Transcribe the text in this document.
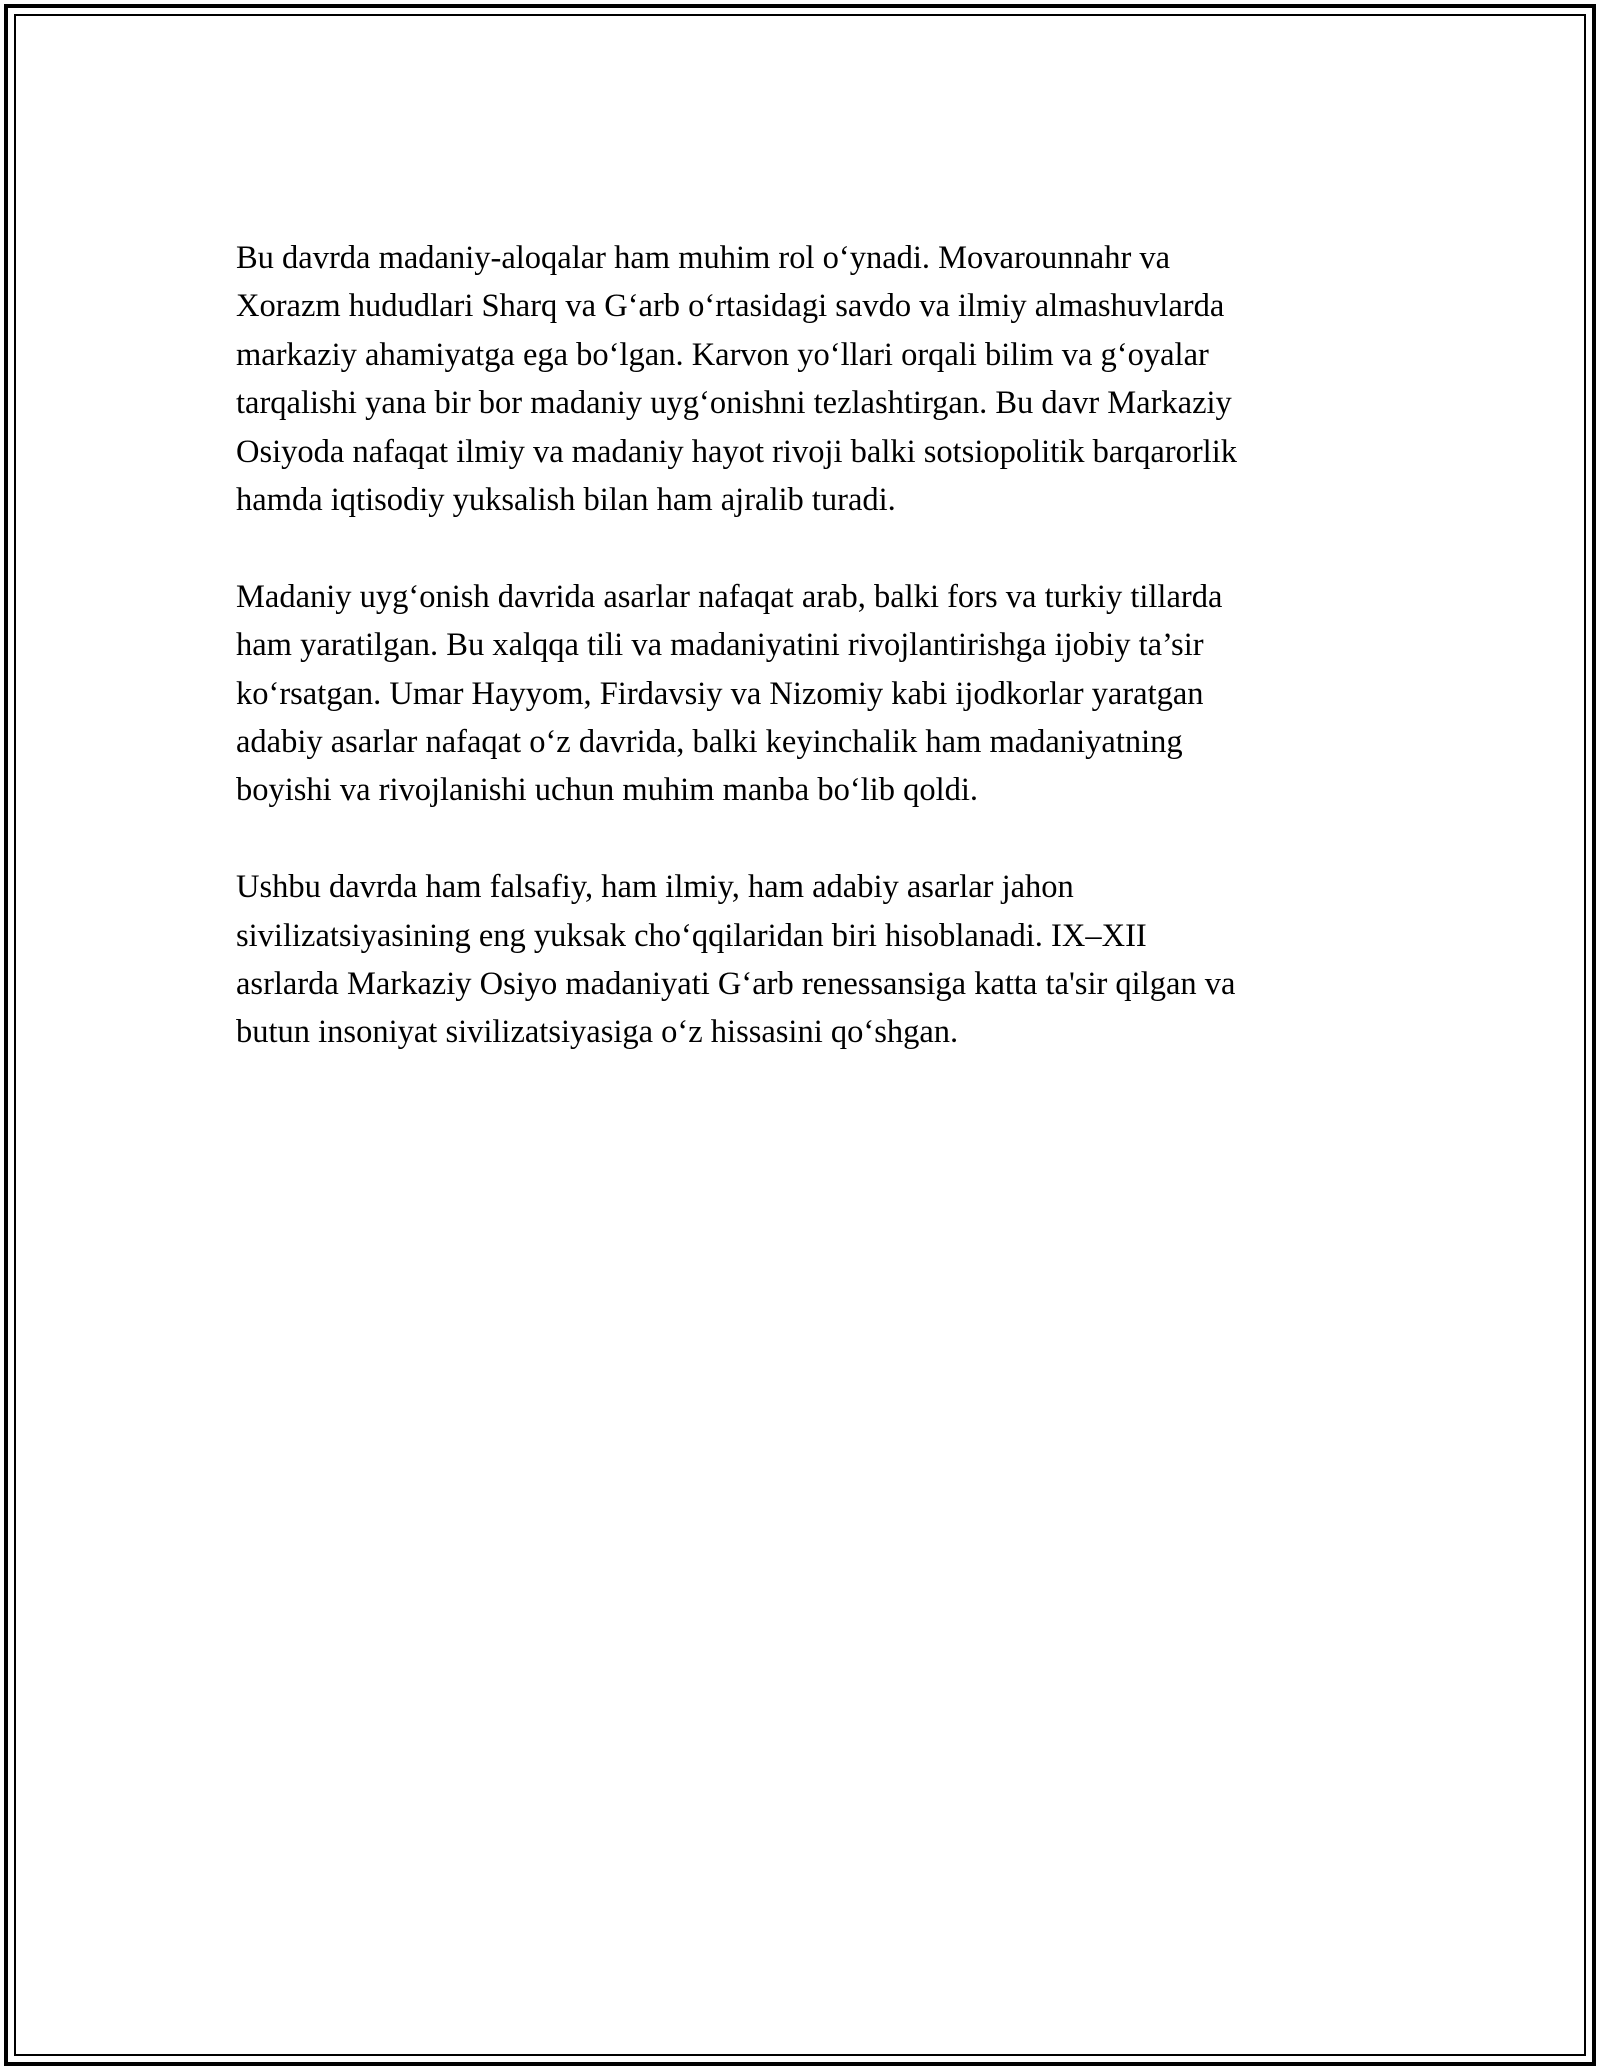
Bu davrda madaniy-aloqalar ham muhim rol o‘ynadi. Movarounnahr va
Xorazm hududlari Sharq va G‘arb o‘rtasidagi savdo va ilmiy almashuvlarda
markaziy ahamiyatga ega bo‘lgan. Karvon yo‘llari orqali bilim va g‘oyalar
tarqalishi yana bir bor madaniy uyg‘onishni tezlashtirgan. Bu davr Markaziy
Osiyoda nafaqat ilmiy va madaniy hayot rivoji balki sotsiopolitik barqarorlik
hamda iqtisodiy yuksalish bilan ham ajralib turadi.

Madaniy uyg‘onish davrida asarlar nafaqat arab, balki fors va turkiy tillarda
ham yaratilgan. Bu xalqqa tili va madaniyatini rivojlantirishga ijobiy ta’sir
ko‘rsatgan. Umar Hayyom, Firdavsiy va Nizomiy kabi ijodkorlar yaratgan
adabiy asarlar nafaqat o‘z davrida, balki keyinchalik ham madaniyatning
boyishi va rivojlanishi uchun muhim manba bo‘lib qoldi.

Ushbu davrda ham falsafiy, ham ilmiy, ham adabiy asarlar jahon
sivilizatsiyasining eng yuksak cho‘qqilaridan biri hisoblanadi. IX–XII
asrlarda Markaziy Osiyo madaniyati G‘arb renessansiga katta ta'sir qilgan va
butun insoniyat sivilizatsiyasiga o‘z hissasini qo‘shgan.
